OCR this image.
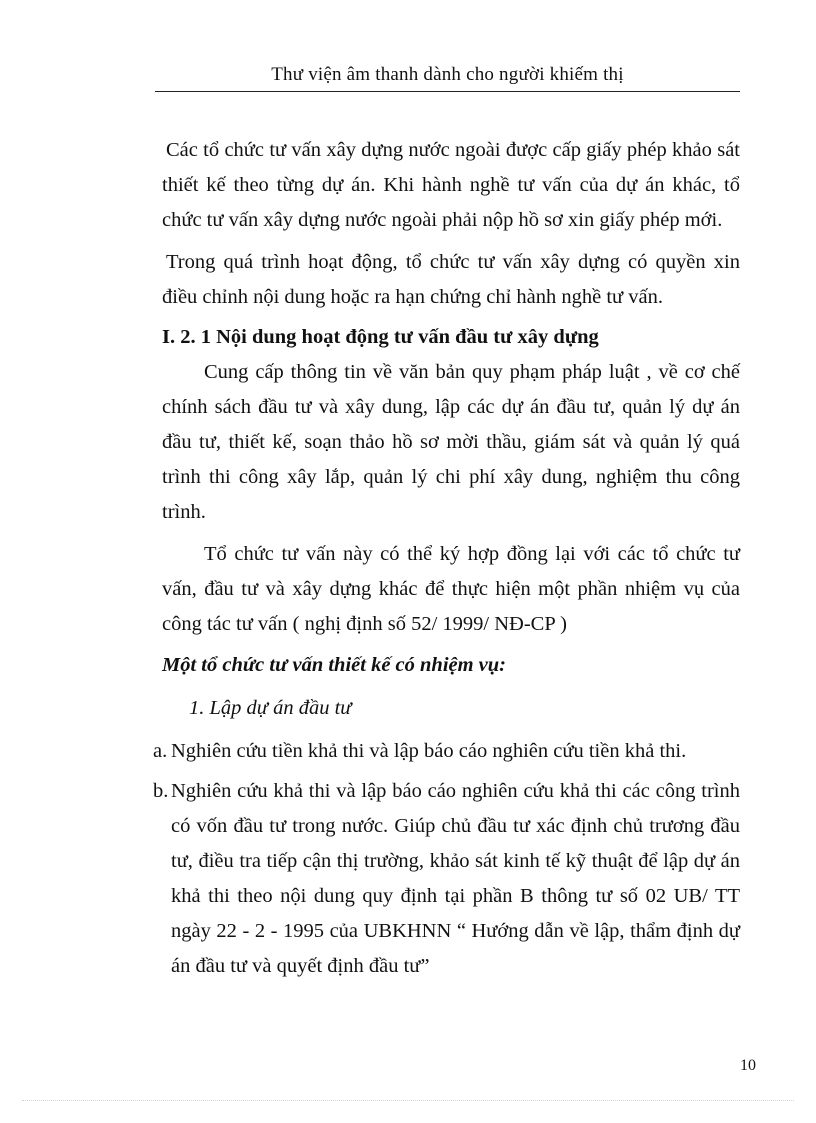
Thư viện âm thanh dành cho người khiếm thị
Các tổ chức tư vấn xây dựng nước ngoài được cấp giấy phép khảo sát thiết kế theo từng dự án. Khi hành nghề tư vấn của dự án khác, tổ chức tư vấn xây dựng nước ngoài phải nộp hồ sơ xin giấy phép mới.
Trong quá trình hoạt động, tổ chức tư vấn xây dựng có quyền xin điều chỉnh nội dung hoặc ra hạn chứng chỉ hành nghề tư vấn.
I. 2. 1 Nội dung hoạt động tư vấn đầu tư xây dựng
Cung cấp thông tin về văn bản quy phạm pháp luật , về cơ chế chính sách đầu tư và xây dung, lập các dự án đầu tư, quản lý dự án đầu tư, thiết kế, soạn thảo hồ sơ mời thầu, giám sát và quản lý quá trình thi công xây lắp, quản lý chi phí xây dung, nghiệm thu công trình.
Tổ chức tư vấn này có thể ký hợp đồng lại với các tổ chức tư vấn, đầu tư và xây dựng khác để thực hiện một phần nhiệm vụ của công tác tư vấn ( nghị định số 52/ 1999/ NĐ-CP )
Một tổ chức tư vấn thiết kế có nhiệm vụ:
1. Lập dự án đầu tư
a. Nghiên cứu tiền khả thi và lập báo cáo nghiên cứu tiền khả thi.
b. Nghiên cứu khả thi và lập báo cáo nghiên cứu khả thi các công trình có vốn đầu tư trong nước. Giúp chủ đầu tư xác định chủ trương đầu tư, điều tra tiếp cận thị trường, khảo sát kinh tế kỹ thuật để lập dự án khả thi theo nội dung quy định tại phần B thông tư số 02 UB/ TT ngày 22 - 2 - 1995 của UBKHNN “ Hướng dẫn về lập, thẩm định dự án đầu tư và quyết định đầu tư”
10
